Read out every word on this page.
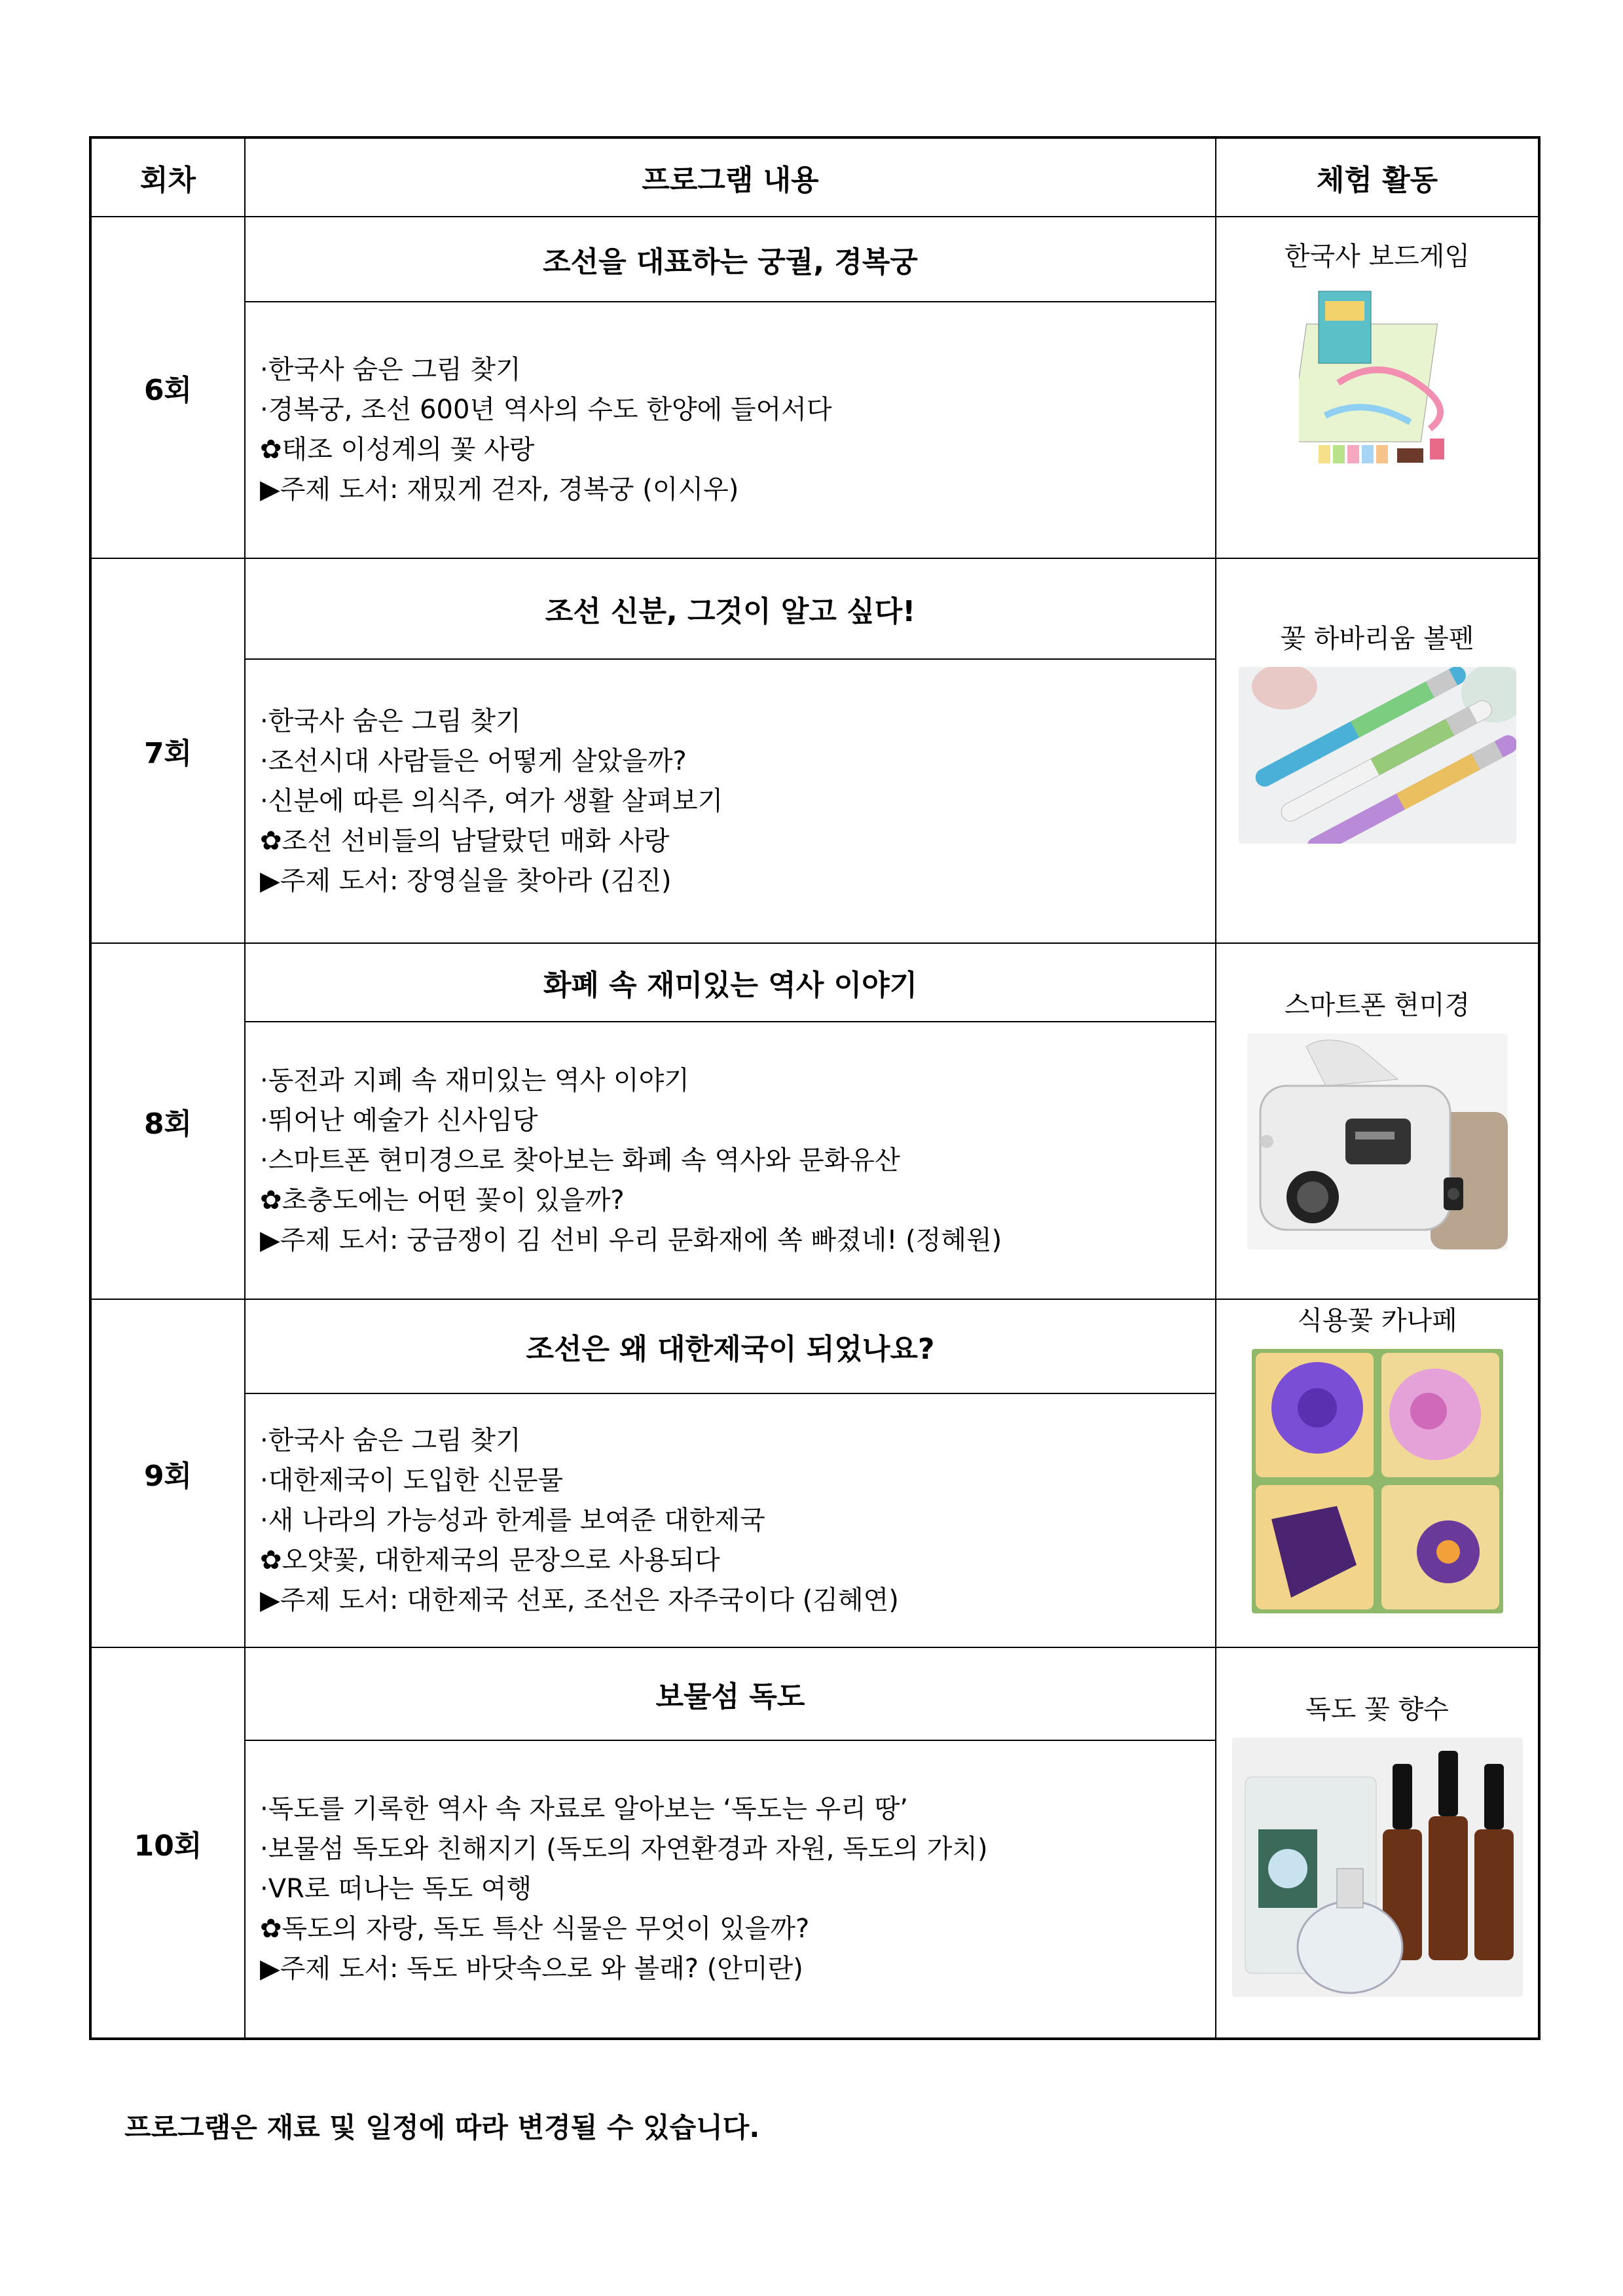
회차	프로그램 내용	체험 활동
6회	조선을 대표하는 궁궐, 경복궁	한국사 보드게임

	·한국사 숨은 그림 찾기
·경복궁, 조선 600년 역사의 수도 한양에 들어서다
✿태조 이성계의 꽃 사랑
▶주제 도서: 재밌게 걷자, 경복궁 (이시우)	

7회	조선 신분, 그것이 알고 싶다!	꽃 하바리움 볼펜

	·한국사 숨은 그림 찾기
·조선시대 사람들은 어떻게 살았을까?
·신분에 따른 의식주, 여가 생활 살펴보기
✿조선 선비들의 남달랐던 매화 사랑
▶주제 도서: 장영실을 찾아라 (김진)	

8회	화폐 속 재미있는 역사 이야기	스마트폰 현미경

	·동전과 지폐 속 재미있는 역사 이야기
·뛰어난 예술가 신사임당
·스마트폰 현미경으로 찾아보는 화폐 속 역사와 문화유산
✿초충도에는 어떤 꽃이 있을까?
▶주제 도서: 궁금쟁이 김 선비 우리 문화재에 쏙 빠졌네! (정혜원)	

9회	조선은 왜 대한제국이 되었나요?	식용꽃 카나페

	·한국사 숨은 그림 찾기
·대한제국이 도입한 신문물
·새 나라의 가능성과 한계를 보여준 대한제국
✿오얏꽃, 대한제국의 문장으로 사용되다
▶주제 도서: 대한제국 선포, 조선은 자주국이다 (김혜연)	

10회	보물섬 독도	독도 꽃 향수

	·독도를 기록한 역사 속 자료로 알아보는 ‘독도는 우리 땅’
·보물섬 독도와 친해지기 (독도의 자연환경과 자원, 독도의 가치)
·VR로 떠나는 독도 여행
✿독도의 자랑, 독도 특산 식물은 무엇이 있을까?
▶주제 도서: 독도 바닷속으로 와 볼래? (안미란)	
프로그램은 재료 및 일정에 따라 변경될 수 있습니다.
